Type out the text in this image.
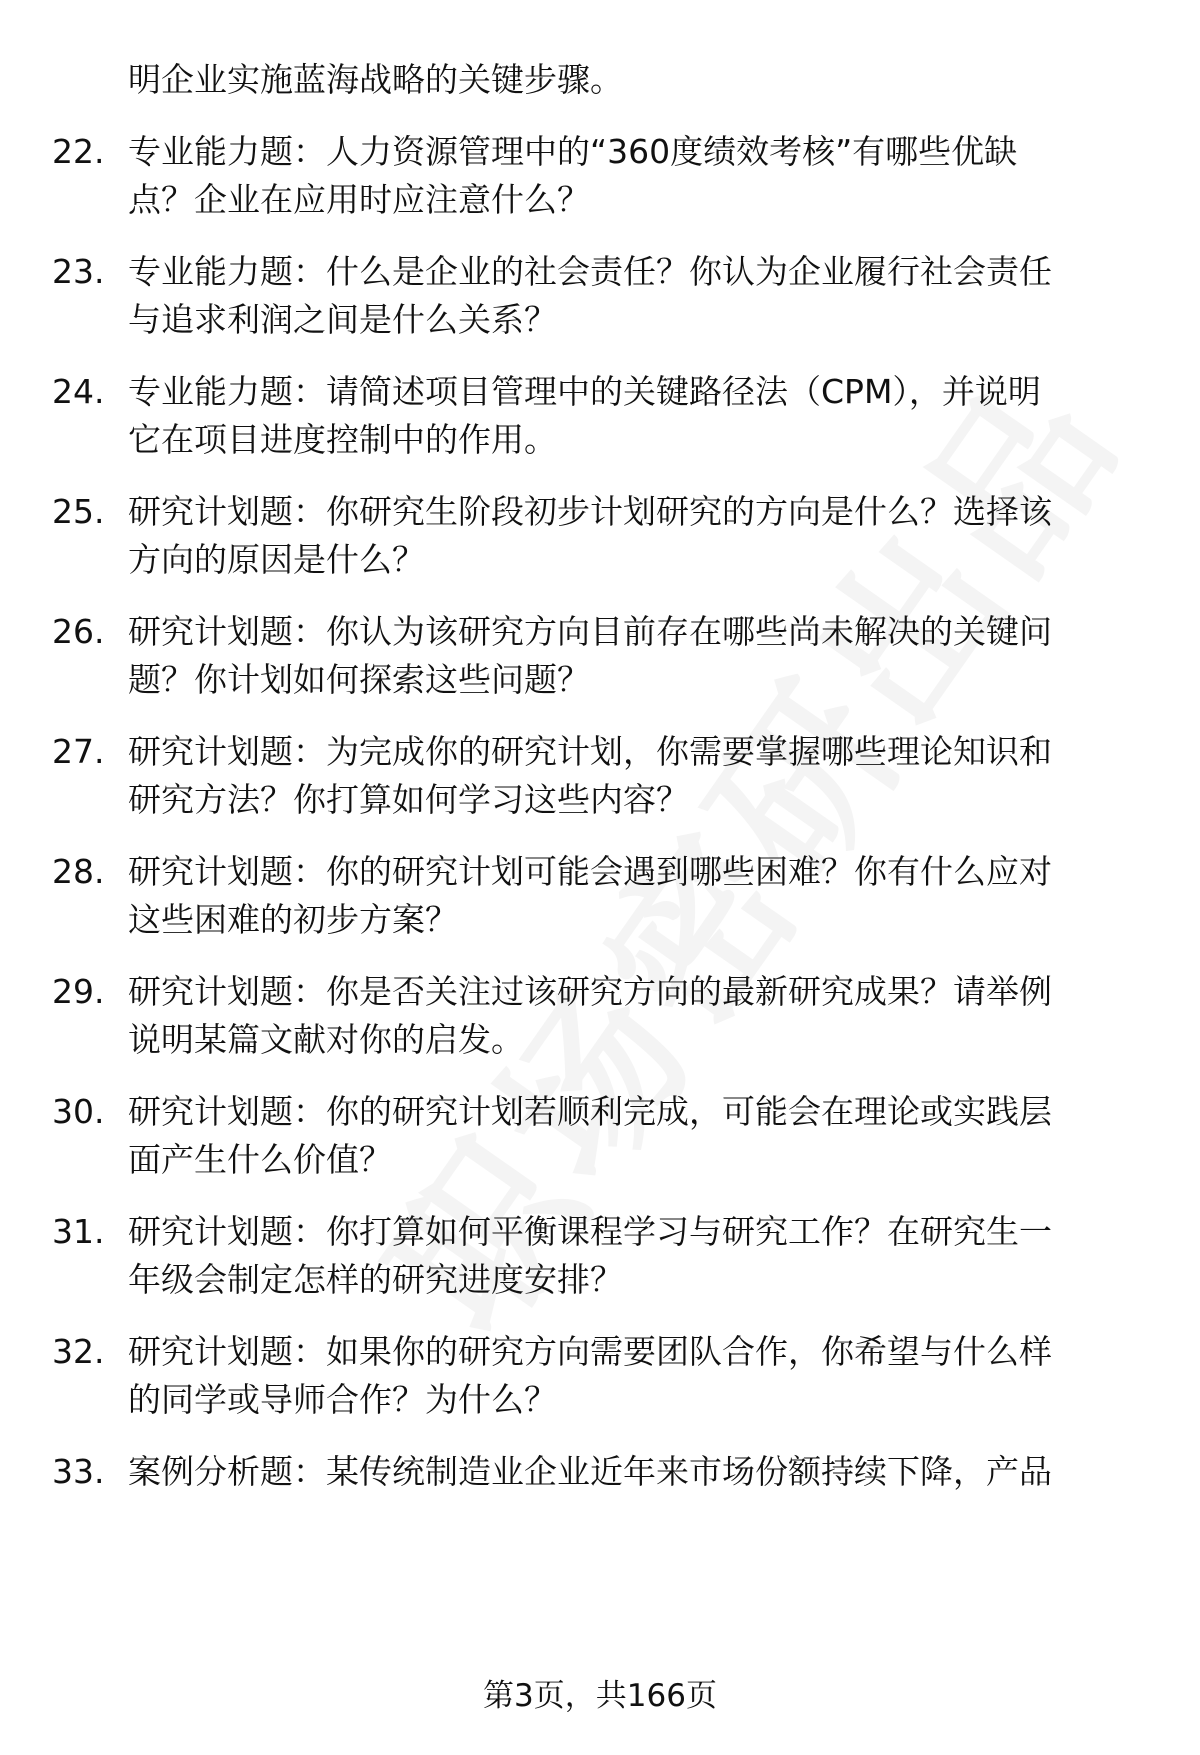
明企业实施蓝海战略的关键步骤。
22. 专业能力题：人力资源管理中的“360度绩效考核”有哪些优缺
点？企业在应用时应注意什么？
23. 专业能力题：什么是企业的社会责任？你认为企业履行社会责任
与追求利润之间是什么关系？
24. 专业能力题：请简述项目管理中的关键路径法（CPM），并说明
它在项目进度控制中的作用。
25. 研究计划题：你研究生阶段初步计划研究的方向是什么？选择该
方向的原因是什么？
26. 研究计划题：你认为该研究方向目前存在哪些尚未解决的关键问
题？你计划如何探索这些问题？
27. 研究计划题：为完成你的研究计划，你需要掌握哪些理论知识和
研究方法？你打算如何学习这些内容？
28. 研究计划题：你的研究计划可能会遇到哪些困难？你有什么应对
这些困难的初步方案？
29. 研究计划题：你是否关注过该研究方向的最新研究成果？请举例
说明某篇文献对你的启发。
30. 研究计划题：你的研究计划若顺利完成，可能会在理论或实践层
面产生什么价值？
31. 研究计划题：你打算如何平衡课程学习与研究工作？在研究生一
年级会制定怎样的研究进度安排？
32. 研究计划题：如果你的研究方向需要团队合作，你希望与什么样
的同学或导师合作？为什么？
33. 案例分析题：某传统制造业企业近年来市场份额持续下降，产品
第3页，共166页
